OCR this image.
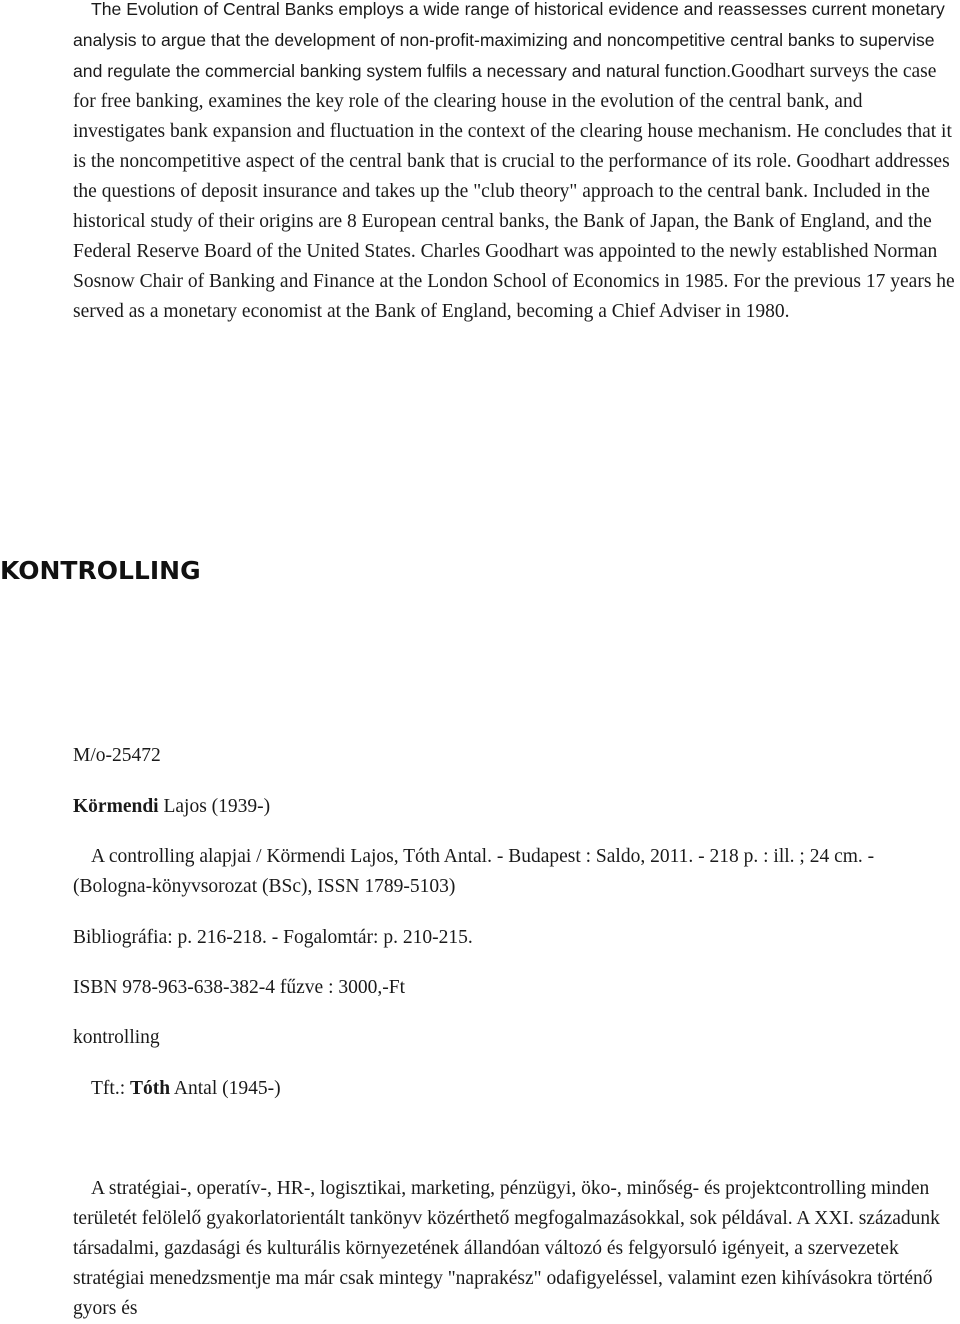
The Evolution of Central Banks employs a wide range of historical evidence and reassesses current monetary analysis to argue that the development of non-profit-maximizing and noncompetitive central banks to supervise and regulate the commercial banking system fulfils a necessary and natural function.Goodhart surveys the case for free banking, examines the key role of the clearing house in the evolution of the central bank, and investigates bank expansion and fluctuation in the context of the clearing house mechanism. He concludes that it is the noncompetitive aspect of the central bank that is crucial to the performance of its role. Goodhart addresses the questions of deposit insurance and takes up the "club theory" approach to the central bank. Included in the historical study of their origins are 8 European central banks, the Bank of Japan, the Bank of England, and the Federal Reserve Board of the United States. Charles Goodhart was appointed to the newly established Norman Sosnow Chair of Banking and Finance at the London School of Economics in 1985. For the previous 17 years he served as a monetary economist at the Bank of England, becoming a Chief Adviser in 1980.

KONTROLLING

M/o-25472

Körmendi Lajos (1939-)

A controlling alapjai / Körmendi Lajos, Tóth Antal. - Budapest : Saldo, 2011. - 218 p. : ill. ; 24 cm. - (Bologna-könyvsorozat (BSc), ISSN 1789-5103)

Bibliográfia: p. 216-218. - Fogalomtár: p. 210-215.

ISBN 978-963-638-382-4 fűzve : 3000,-Ft

kontrolling

Tft.: Tóth Antal (1945-)

A stratégiai-, operatív-, HR-, logisztikai, marketing, pénzügyi, öko-, minőség- és projektcontrolling minden területét felölelő gyakorlatorientált tankönyv közérthető megfogalmazásokkal, sok példával. A XXI. századunk társadalmi, gazdasági és kulturális környezetének állandóan változó és felgyorsuló igényeit, a szervezetek stratégiai menedzsmentje ma már csak mintegy "naprakész" odafigyeléssel, valamint ezen kihívásokra történő gyors és
